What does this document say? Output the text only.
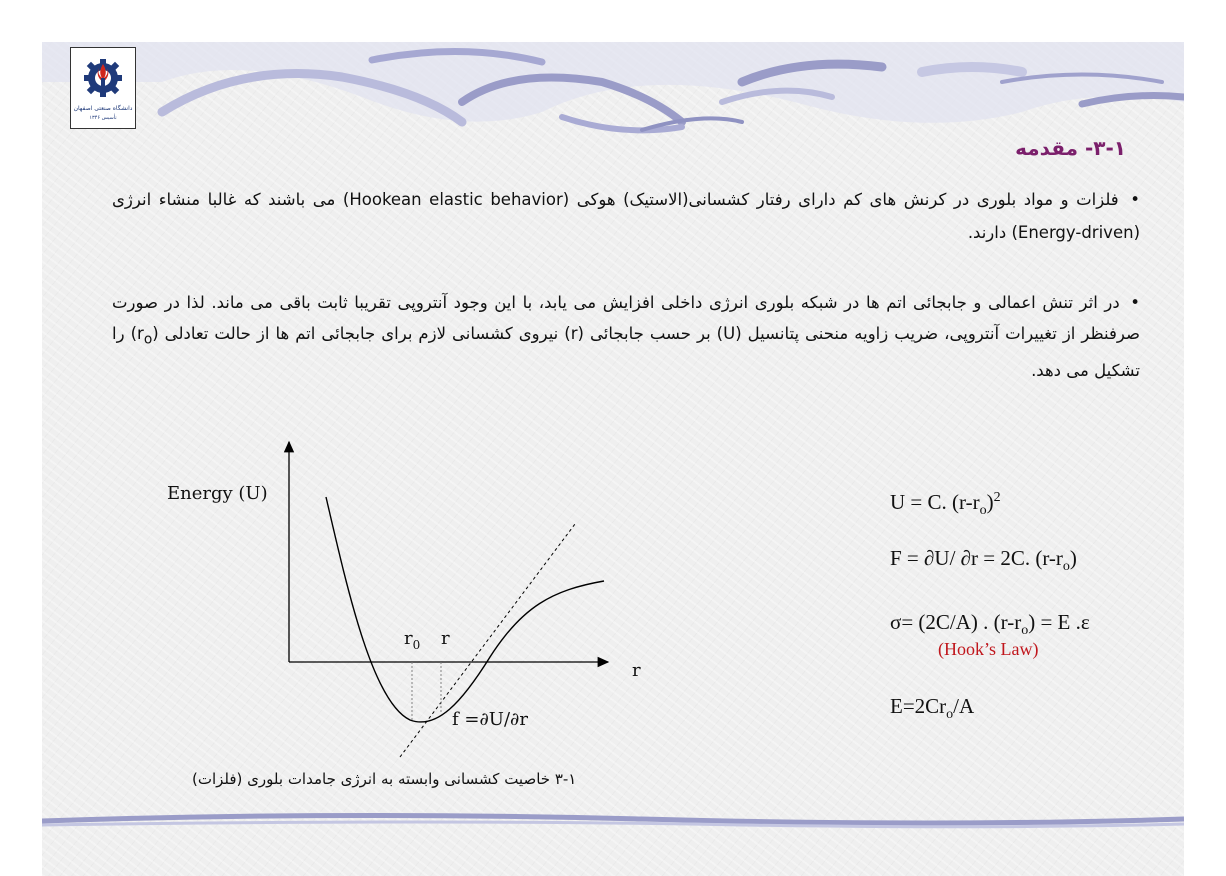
دانشگاه صنعتی اصفهان
تأسیس ۱۳۴۶

۳-۱- مقدمه

• فلزات و مواد بلوری در کرنش های کم دارای رفتار کشسانی(الاستیک) هوکی (Hookean elastic behavior) می باشند که غالبا منشاء انرژی (Energy-driven) دارند.

• در اثر تنش اعمالی و جابجائی اتم ها در شبکه بلوری انرژی داخلی افزایش می یابد، با این وجود آنتروپی تقریبا ثابت باقی می ماند. لذا در صورت صرفنظر از تغییرات آنتروپی، ضریب زاویه منحنی پتانسیل (U) بر حسب جابجائی (r) نیروی کشسانی لازم برای جابجائی اتم ها از حالت تعادلی $(r_o)$ را تشکیل می دهد.

Energy (U)
r
$r_0$ r
f =∂U/∂r
U = C. $(r-r_o)^2$
F = ∂U/ ∂r = 2C. $(r-r_o)$
σ= (2C/A) . $(r-r_o) = E$ .ε
(Hook’s Law)
$E=2Cr_o/A$

۳-۱ خاصیت کشسانی وابسته به انرژی جامدات بلوری (فلزات)
